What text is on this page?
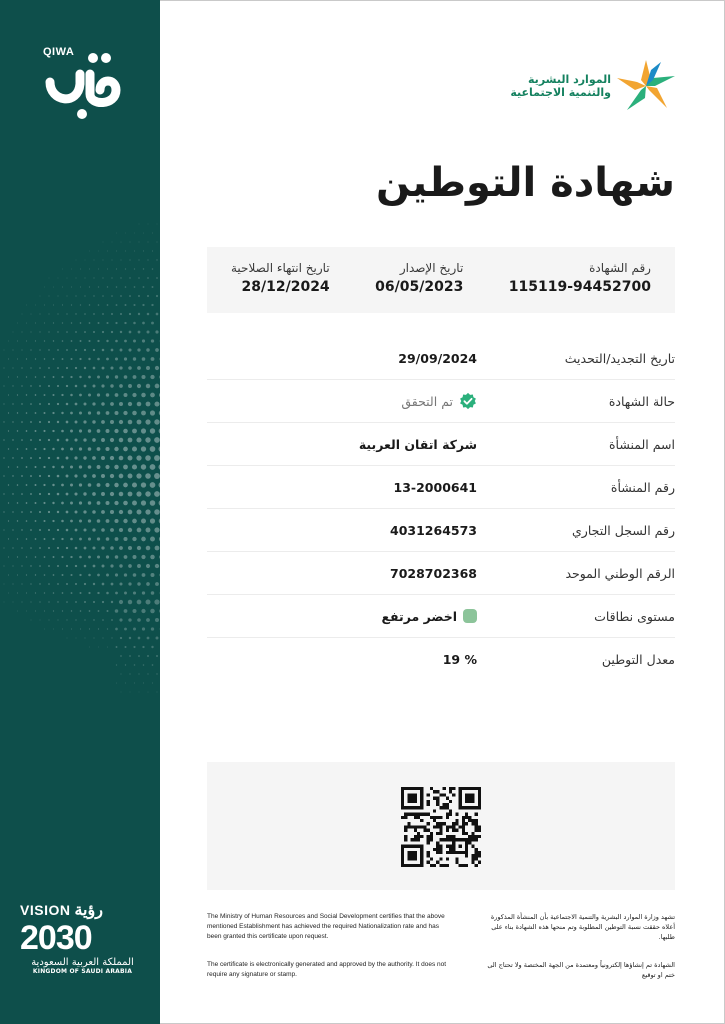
QIWA
VISION رؤية
2030
المملكة العربية السعودية
KINGDOM OF SAUDI ARABIA
الموارد البشرية
والتنمية الاجتماعية
شهادة التوطين
رقم الشهادة
115119-94452700
تاريخ الإصدار
06/05/2023
تاريخ انتهاء الصلاحية
28/12/2024
تاريخ التجديد/التحديث
29/09/2024
حالة الشهادة
تم التحقق
اسم المنشأة
شركة اتقان العربية
رقم المنشأة
13-2000641
رقم السجل التجاري
4031264573
الرقم الوطني الموحد
7028702368
مستوى نطاقات
اخضر مرتفع
معدل التوطين
19 %
The Ministry of Human Resources and Social Development certifies that the above mentioned Establishment has achieved the required Nationalization rate and has been granted this certificate upon request.
The certificate is electronically generated and approved by the authority. It does not require any signature or stamp.
تشهد وزارة الموارد البشرية والتنمية الاجتماعية بأن المنشأة المذكورة أعلاه حققت نسبة التوطين المطلوبة وتم منحها هذه الشهادة بناء على طلبها.
الشهادة تم إنشاؤها إلكترونياً ومعتمدة من الجهة المختصة ولا تحتاج الى ختم او توقيع
